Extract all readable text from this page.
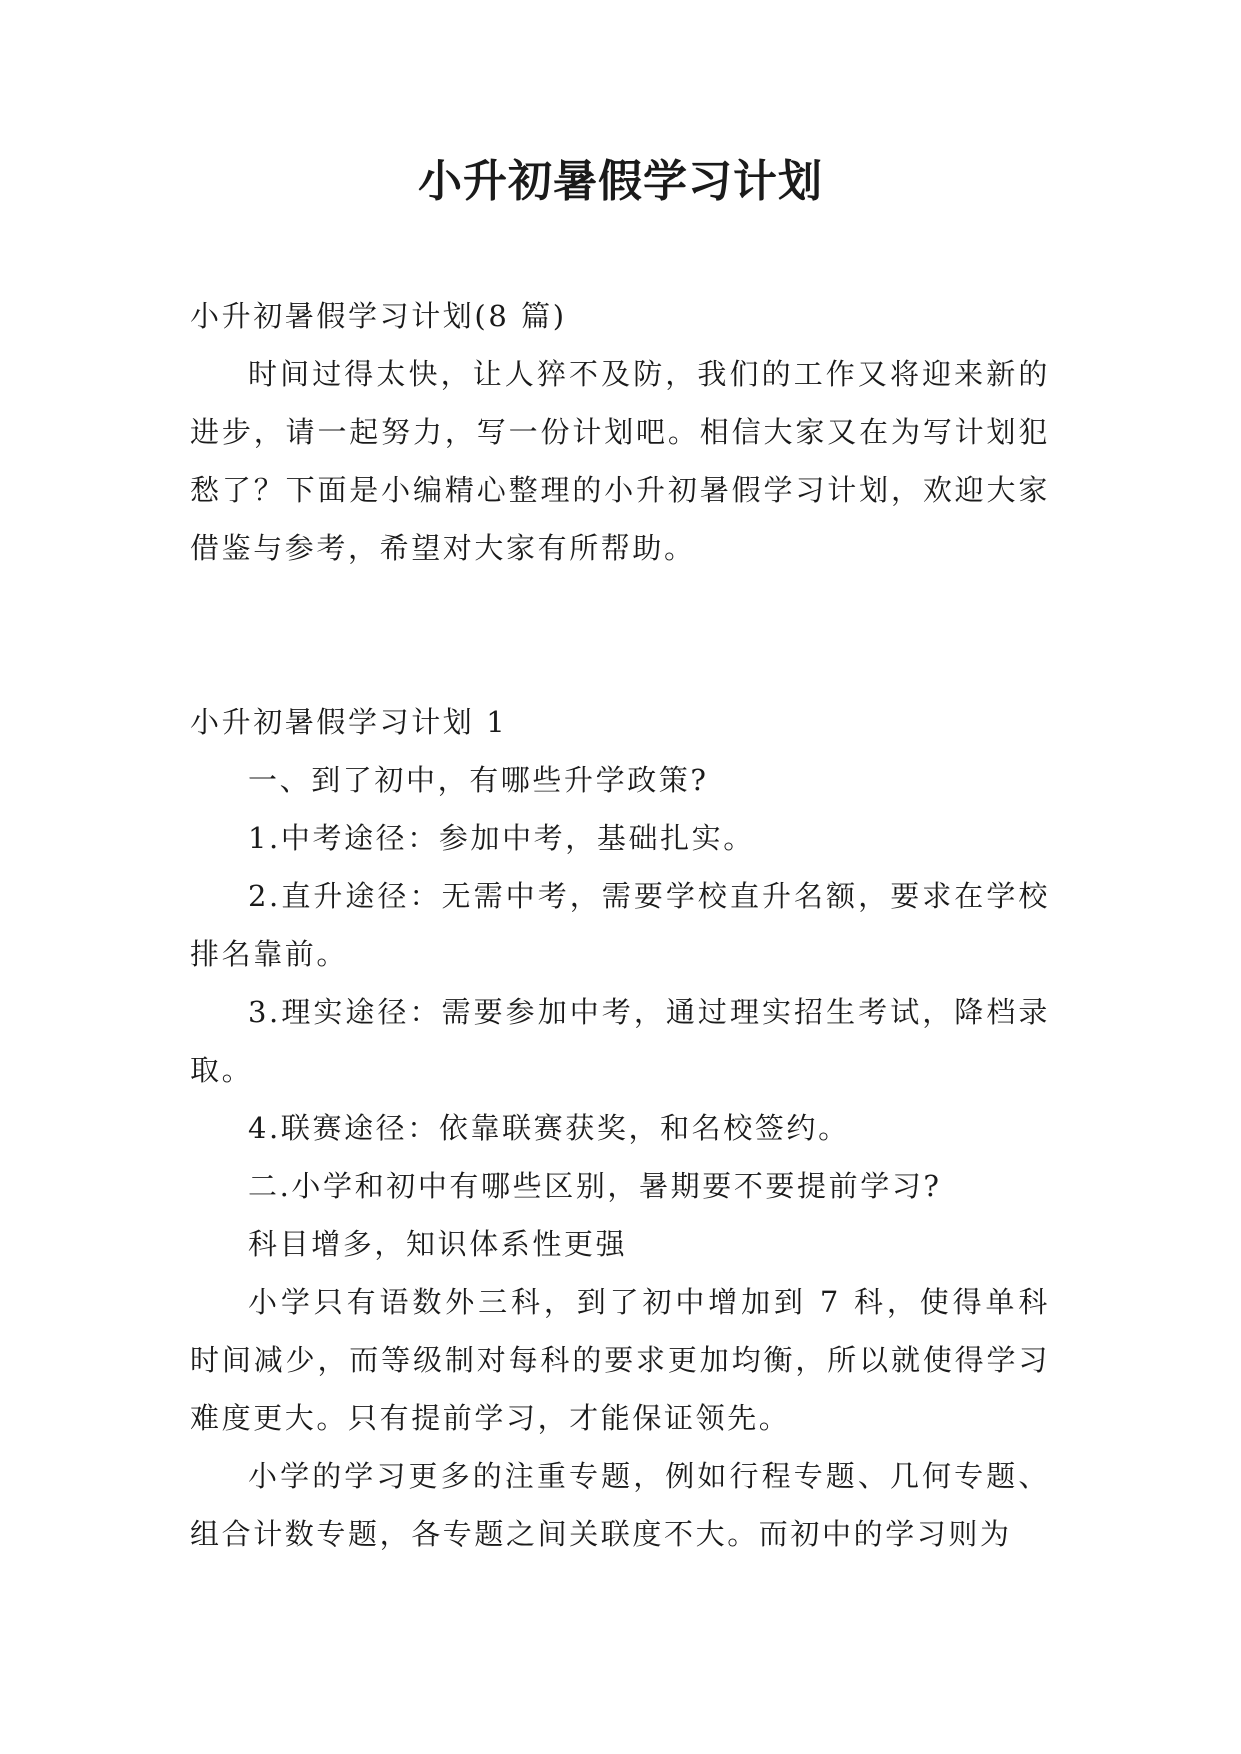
小升初暑假学习计划

小升初暑假学习计划(8 篇)

时间过得太快，让人猝不及防，我们的工作又将迎来新的进步，请一起努力，写一份计划吧。相信大家又在为写计划犯愁了？下面是小编精心整理的小升初暑假学习计划，欢迎大家借鉴与参考，希望对大家有所帮助。

小升初暑假学习计划 1

一、到了初中，有哪些升学政策?

1.中考途径：参加中考，基础扎实。

2.直升途径：无需中考，需要学校直升名额，要求在学校排名靠前。

3.理实途径：需要参加中考，通过理实招生考试，降档录取。

4.联赛途径：依靠联赛获奖，和名校签约。

二.小学和初中有哪些区别，暑期要不要提前学习?

科目增多，知识体系性更强

小学只有语数外三科，到了初中增加到 7 科，使得单科时间减少，而等级制对每科的要求更加均衡，所以就使得学习难度更大。只有提前学习，才能保证领先。

小学的学习更多的注重专题，例如行程专题、几何专题、组合计数专题，各专题之间关联度不大。而初中的学习则为
